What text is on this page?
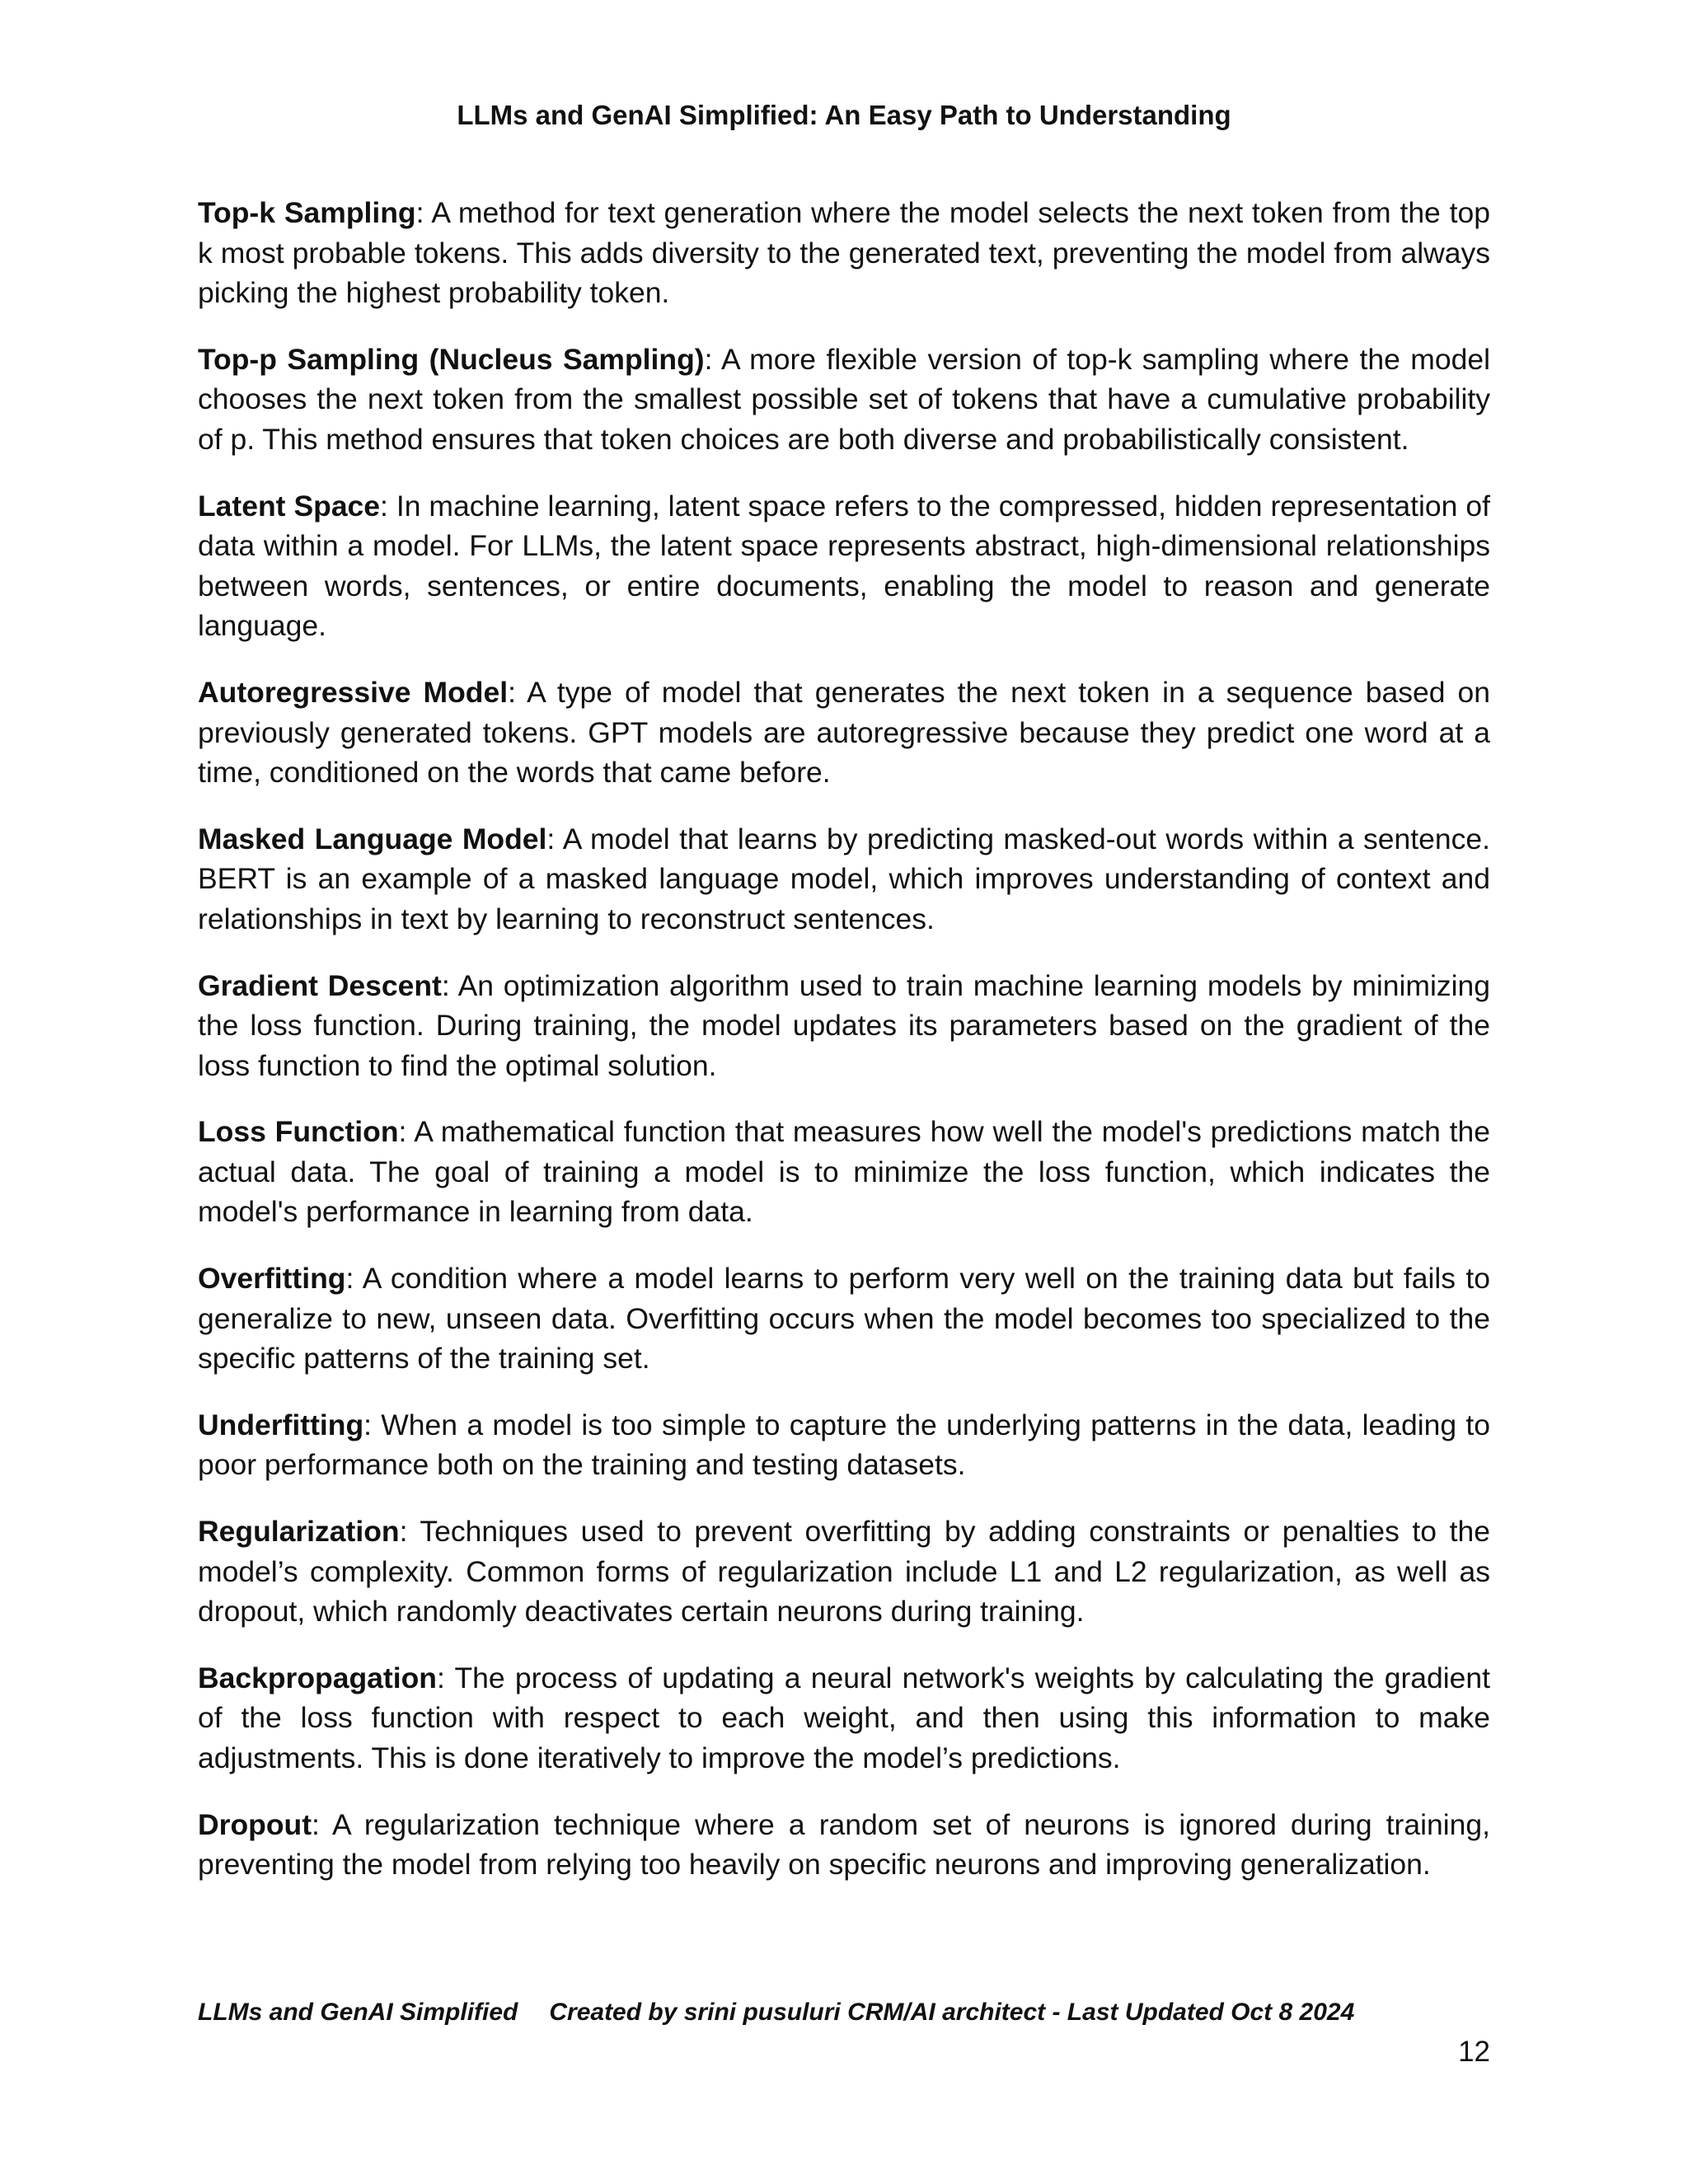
LLMs and GenAI Simplified: An Easy Path to Understanding

Top-k Sampling: A method for text generation where the model selects the next token from the top k most probable tokens. This adds diversity to the generated text, preventing the model from always picking the highest probability token.

Top-p Sampling (Nucleus Sampling): A more flexible version of top-k sampling where the model chooses the next token from the smallest possible set of tokens that have a cumulative probability of p. This method ensures that token choices are both diverse and probabilistically consistent.

Latent Space: In machine learning, latent space refers to the compressed, hidden representation of data within a model. For LLMs, the latent space represents abstract, high-dimensional relationships between words, sentences, or entire documents, enabling the model to reason and generate language.

Autoregressive Model: A type of model that generates the next token in a sequence based on previously generated tokens. GPT models are autoregressive because they predict one word at a time, conditioned on the words that came before.

Masked Language Model: A model that learns by predicting masked-out words within a sentence. BERT is an example of a masked language model, which improves understanding of context and relationships in text by learning to reconstruct sentences.

Gradient Descent: An optimization algorithm used to train machine learning models by minimizing the loss function. During training, the model updates its parameters based on the gradient of the loss function to find the optimal solution.

Loss Function: A mathematical function that measures how well the model's predictions match the actual data. The goal of training a model is to minimize the loss function, which indicates the model's performance in learning from data.

Overfitting: A condition where a model learns to perform very well on the training data but fails to generalize to new, unseen data. Overfitting occurs when the model becomes too specialized to the specific patterns of the training set.

Underfitting: When a model is too simple to capture the underlying patterns in the data, leading to poor performance both on the training and testing datasets.

Regularization: Techniques used to prevent overfitting by adding constraints or penalties to the model’s complexity. Common forms of regularization include L1 and L2 regularization, as well as dropout, which randomly deactivates certain neurons during training.

Backpropagation: The process of updating a neural network's weights by calculating the gradient of the loss function with respect to each weight, and then using this information to make adjustments. This is done iteratively to improve the model’s predictions.

Dropout: A regularization technique where a random set of neurons is ignored during training, preventing the model from relying too heavily on specific neurons and improving generalization.

LLMs and GenAI Simplified Created by srini pusuluri CRM/AI architect - Last Updated Oct 8 2024
12
